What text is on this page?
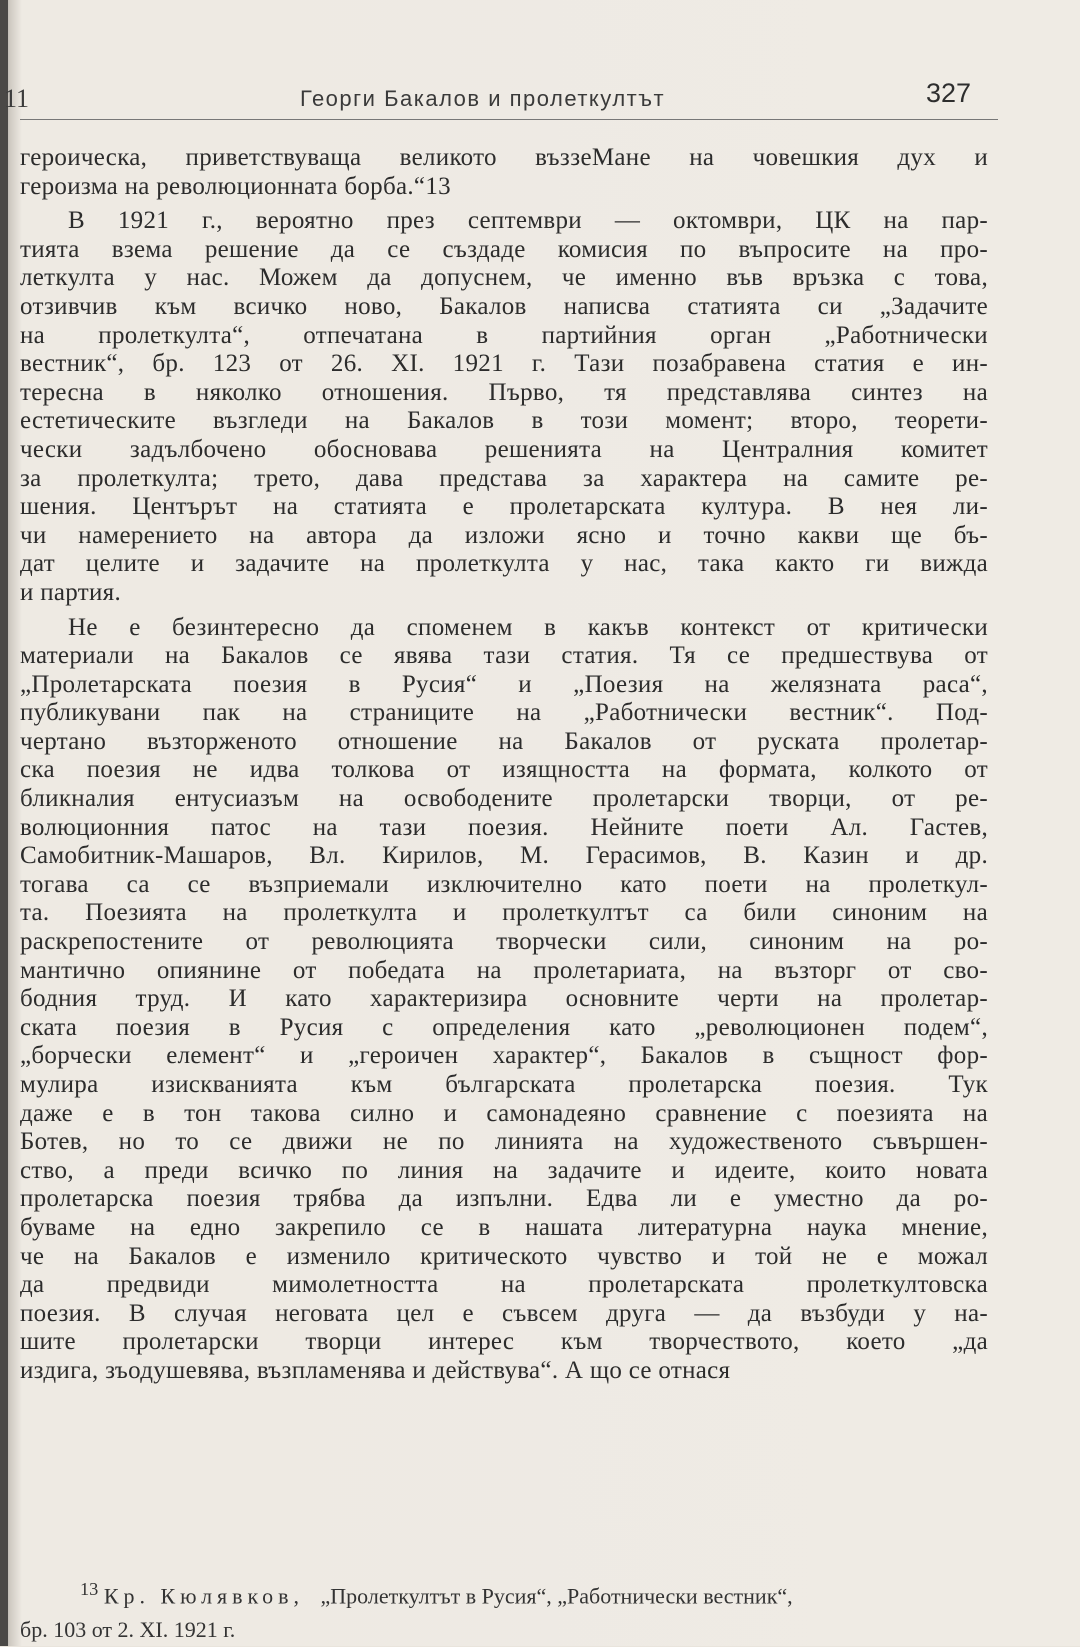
11	Георги Бакалов и пролеткултът	327
героическа, приветствуваща великото въззеMане на човешкия дух и
героизма на революционната борба.“13
В 1921 г., вероятно през септември — октомври, ЦК на пар-
тията взема решение да се създаде комисия по въпросите на про-
леткулта у нас. Можем да допуснем, че именно във връзка с това,
отзивчив към всичко ново, Бакалов написва статията си „Задачите
на пролеткулта“, отпечатана в партийния орган „Работнически
вестник“, бр. 123 от 26. XI. 1921 г. Тази позабравена статия е ин-
тересна в няколко отношения. Първо, тя представлява синтез на
естетическите възгледи на Бакалов в този момент; второ, теорети-
чески задълбочено обосновава решенията на Централния комитет
за пролеткулта; трето, дава представа за характера на самите ре-
шения. Центърът на статията е пролетарската култура. В нея ли-
чи намерението на автора да изложи ясно и точно какви ще бъ-
дат целите и задачите на пролеткулта у нас, така както ги вижда
и партия.
Не е безинтересно да споменем в какъв контекст от критически
материали на Бакалов се явява тази статия. Тя се предшествува от
„Пролетарската поезия в Русия“ и „Поезия на желязната раса“,
публикувани пак на страниците на „Работнически вестник“. Под-
чертано възторженото отношение на Бакалов от руската пролетар-
ска поезия не идва толкова от изящността на формата, колкото от
бликналия ентусиазъм на освободените пролетарски творци, от ре-
волюционния патос на тази поезия. Нейните поети Ал. Гастев,
Самобитник-Машаров, Вл. Кирилов, М. Герасимов, В. Казин и др.
тогава са се възприемали изключително като поети на пролеткул-
та. Поезията на пролеткулта и пролеткултът са били синоним на
раскрепостените от революцията творчески сили, синоним на ро-
мантично опиянине от победата на пролетариата, на възторг от сво-
бодния труд. И като характеризира основните черти на пролетар-
ската поезия в Русия с определения като „революционен подем“,
„борчески елемент“ и „героичен характер“, Бакалов в същност фор-
мулира изискванията към българската пролетарска поезия. Тук
даже е в тон такова силно и самонадеяно сравнение с поезията на
Ботев, но то се движи не по линията на художественото съвършен-
ство, а преди всичко по линия на задачите и идеите, които новата
пролетарска поезия трябва да изпълни. Едва ли е уместно да ро-
буваме на едно закрепило се в нашата литературна наука мнение,
че на Бакалов е изменило критическото чувство и той не е можал
да предвиди мимолетността на пролетарската пролеткултовска
поезия. В случая неговата цел е съвсем друга — да възбуди у на-
шите пролетарски творци интерес към творчеството, което „да
издига, зъодушевява, възпламенява и действува“. А що се отнася
$^{13}$ Кр. Кюлявков, „Пролеткултът в Русия“, „Работнически вестник“,
бр. 103 от 2. XI. 1921 г.
